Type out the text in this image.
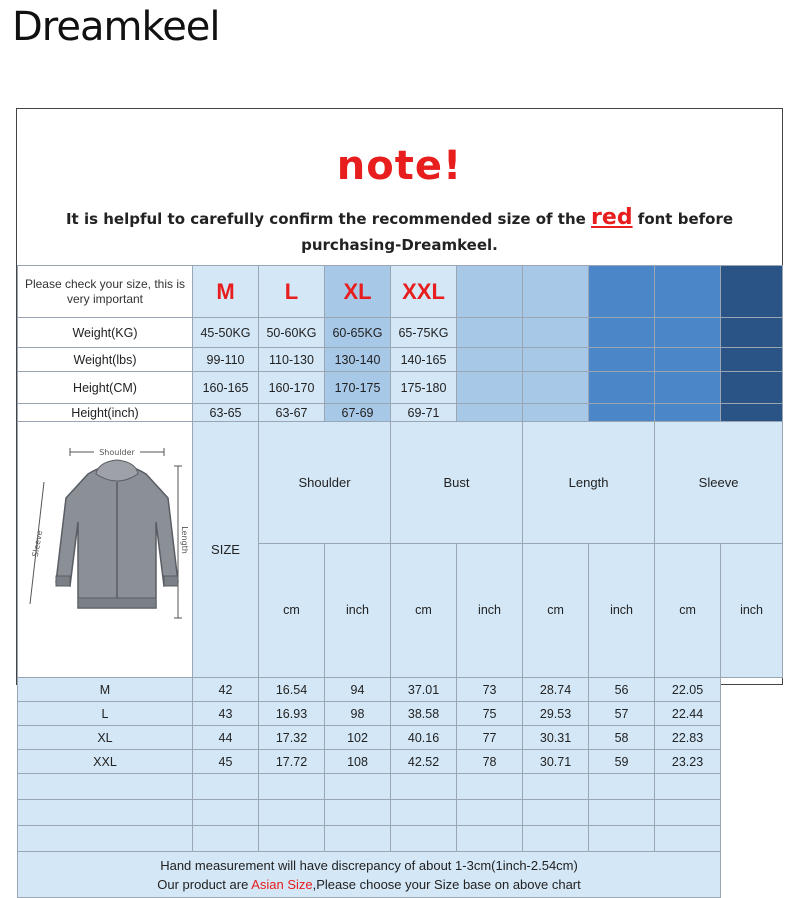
Dreamkeel
note!
It is helpful to carefully confirm the recommended size of the red font before
purchasing-Dreamkeel.
Please check your size, this is very important	M	L	XL	XXL					
Weight(KG)	45-50KG	50-60KG	60-65KG	65-75KG					
Weight(lbs)	99-110	110-130	130-140	140-165					
Height(CM)	160-165	160-170	170-175	175-180					
Height(inch)	63-65	63-67	67-69	69-71					
Shoulder
Sleeve Length	SIZE	Shoulder		Bust		Length		Sleeve	
		cm	inch	cm	inch	cm	inch	cm	inch
M	42	16.54	94	37.01	73	28.74	56	22.05	
L	43	16.93	98	38.58	75	29.53	57	22.44	
XL	44	17.32	102	40.16	77	30.31	58	22.83	
XXL	45	17.72	108	42.52	78	30.71	59	23.23	

Hand measurement will have discrepancy of about 1-3cm(1inch-2.54cm)
Our product are Asian Size,Please choose your Size base on above chart									
